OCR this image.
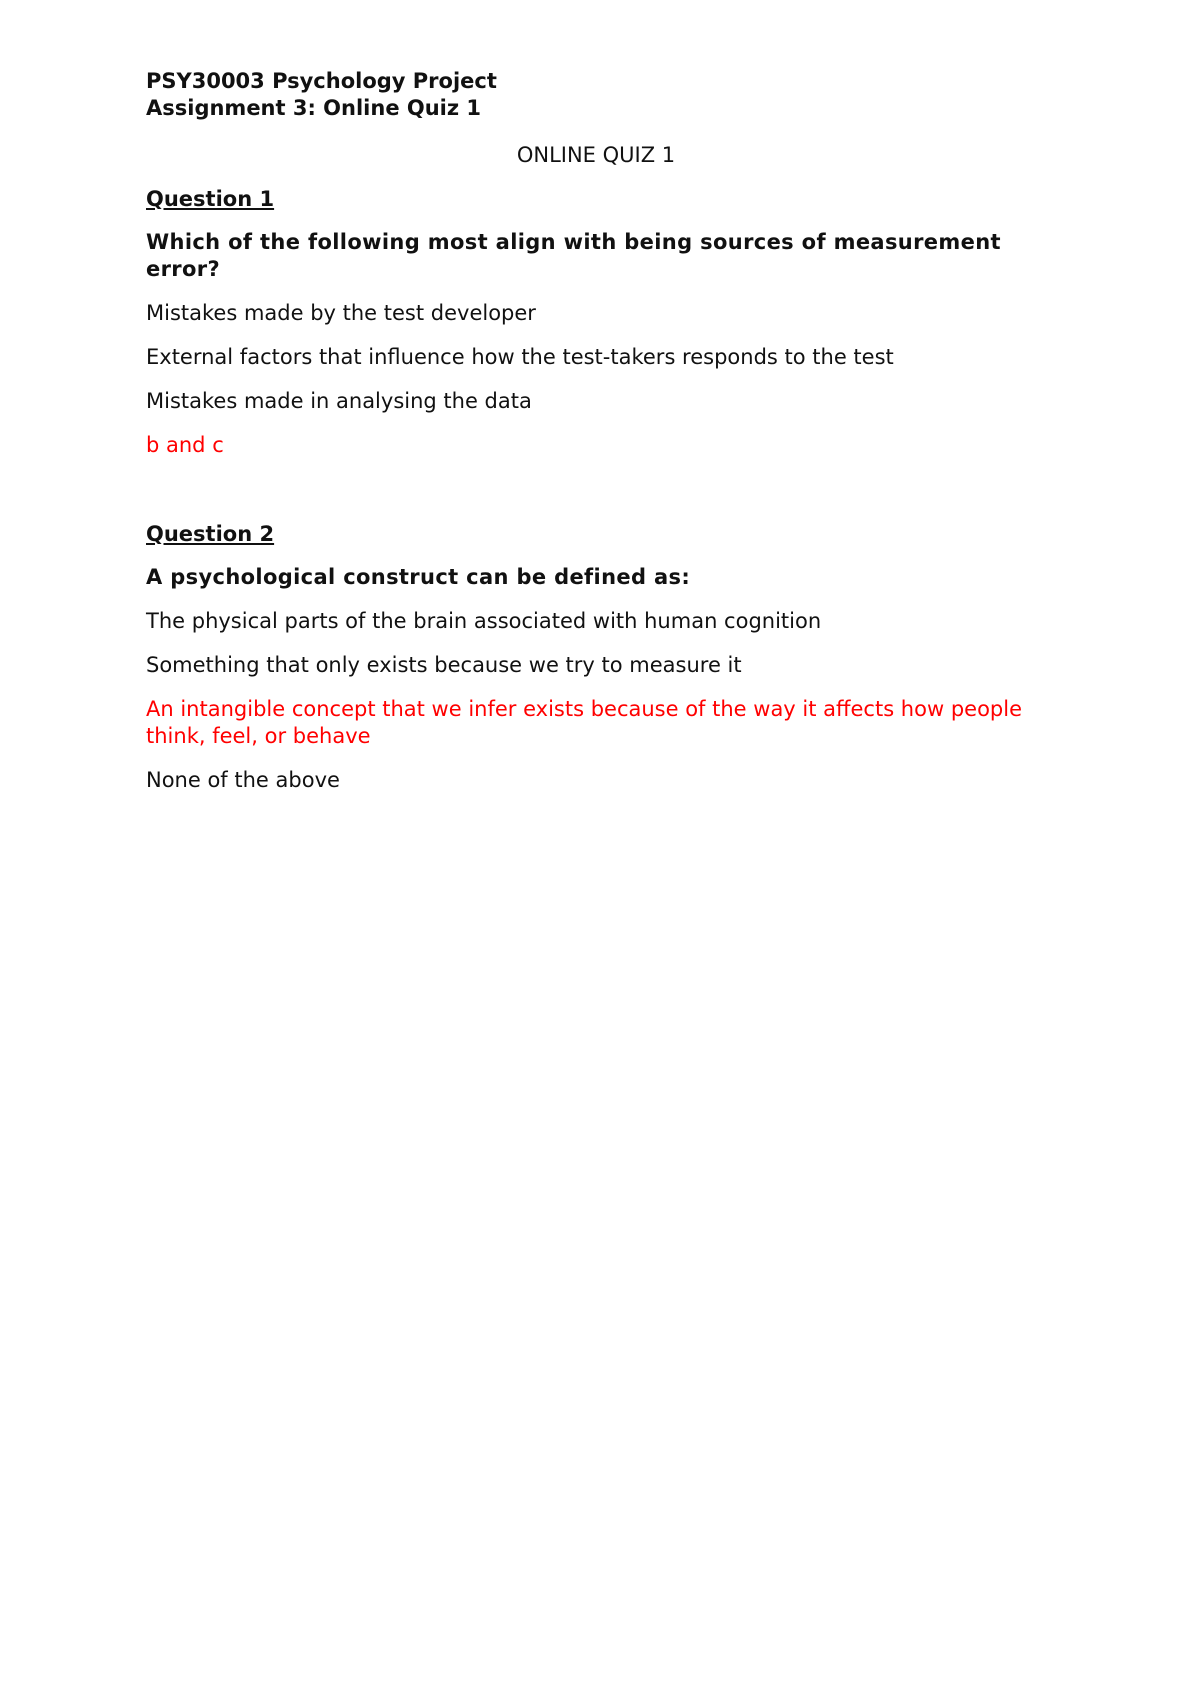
PSY30003 Psychology Project

Assignment 3: Online Quiz 1

ONLINE QUIZ 1

Question 1

Which of the following most align with being sources of measurement error?

Mistakes made by the test developer
External factors that influence how the test-takers responds to the test
Mistakes made in analysing the data
b and c

Question 2

A psychological construct can be defined as:

The physical parts of the brain associated with human cognition
Something that only exists because we try to measure it
An intangible concept that we infer exists because of the way it affects how people think, feel, or behave
None of the above
